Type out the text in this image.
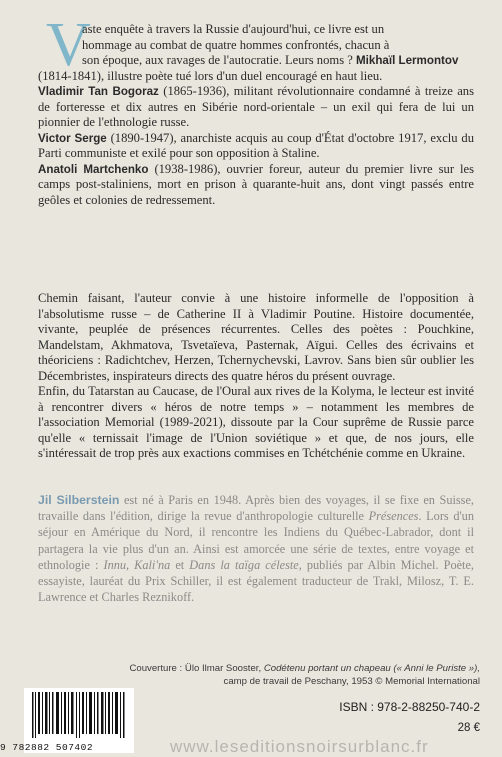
V
aste enquête à travers la Russie d'aujourd'hui, ce livre est un
hommage au combat de quatre hommes confrontés, chacun à
son époque, aux ravages de l'autocratie. Leurs noms ? Mikhaïl Lermontov

(1814-1841), illustre poète tué lors d'un duel encouragé en haut lieu.

Vladimir Tan Bogoraz (1865-1936), militant révolutionnaire condamné à treize ans de forteresse et dix autres en Sibérie nord-orientale – un exil qui fera de lui un pionnier de l'ethnologie russe.

Victor Serge (1890-1947), anarchiste acquis au coup d'État d'octobre 1917, exclu du Parti communiste et exilé pour son opposition à Staline.

Anatoli Martchenko (1938-1986), ouvrier foreur, auteur du premier livre sur les camps post-staliniens, mort en prison à quarante-huit ans, dont vingt passés entre geôles et colonies de redressement.

Chemin faisant, l'auteur convie à une histoire informelle de l'opposition à l'absolutisme russe – de Catherine II à Vladimir Poutine. Histoire documentée, vivante, peuplée de présences récurrentes. Celles des poètes : Pouchkine, Mandelstam, Akhmatova, Tsvetaïeva, Pasternak, Aïgui. Celles des écrivains et théoriciens : Radichtchev, Herzen, Tchernychevski, Lavrov. Sans bien sûr oublier les Décembristes, inspirateurs directs des quatre héros du présent ouvrage.

Enfin, du Tatarstan au Caucase, de l'Oural aux rives de la Kolyma, le lecteur est invité à rencontrer divers « héros de notre temps » – notamment les membres de l'association Memorial (1989-2021), dissoute par la Cour suprême de Russie parce qu'elle « ternissait l'image de l'Union soviétique » et que, de nos jours, elle s'intéressait de trop près aux exactions commises en Tchétchénie comme en Ukraine.

Jil Silberstein est né à Paris en 1948. Après bien des voyages, il se fixe en Suisse, travaille dans l'édition, dirige la revue d'anthropologie culturelle Présences. Lors d'un séjour en Amérique du Nord, il rencontre les Indiens du Québec-Labrador, dont il partagera la vie plus d'un an. Ainsi est amorcée une série de textes, entre voyage et ethnologie : Innu, Kali'na et Dans la taïga céleste, publiés par Albin Michel. Poète, essayiste, lauréat du Prix Schiller, il est également traducteur de Trakl, Milosz, T. E. Lawrence et Charles Reznikoff.
Couverture : Ülo Ilmar Sooster, Codétenu portant un chapeau (« Anni le Puriste »),
camp de travail de Peschany, 1953 © Memorial International
ISBN : 978-2-88250-740-2
28 €
9 782882 507402	www.leseditionsnoirsurblanc.fr
